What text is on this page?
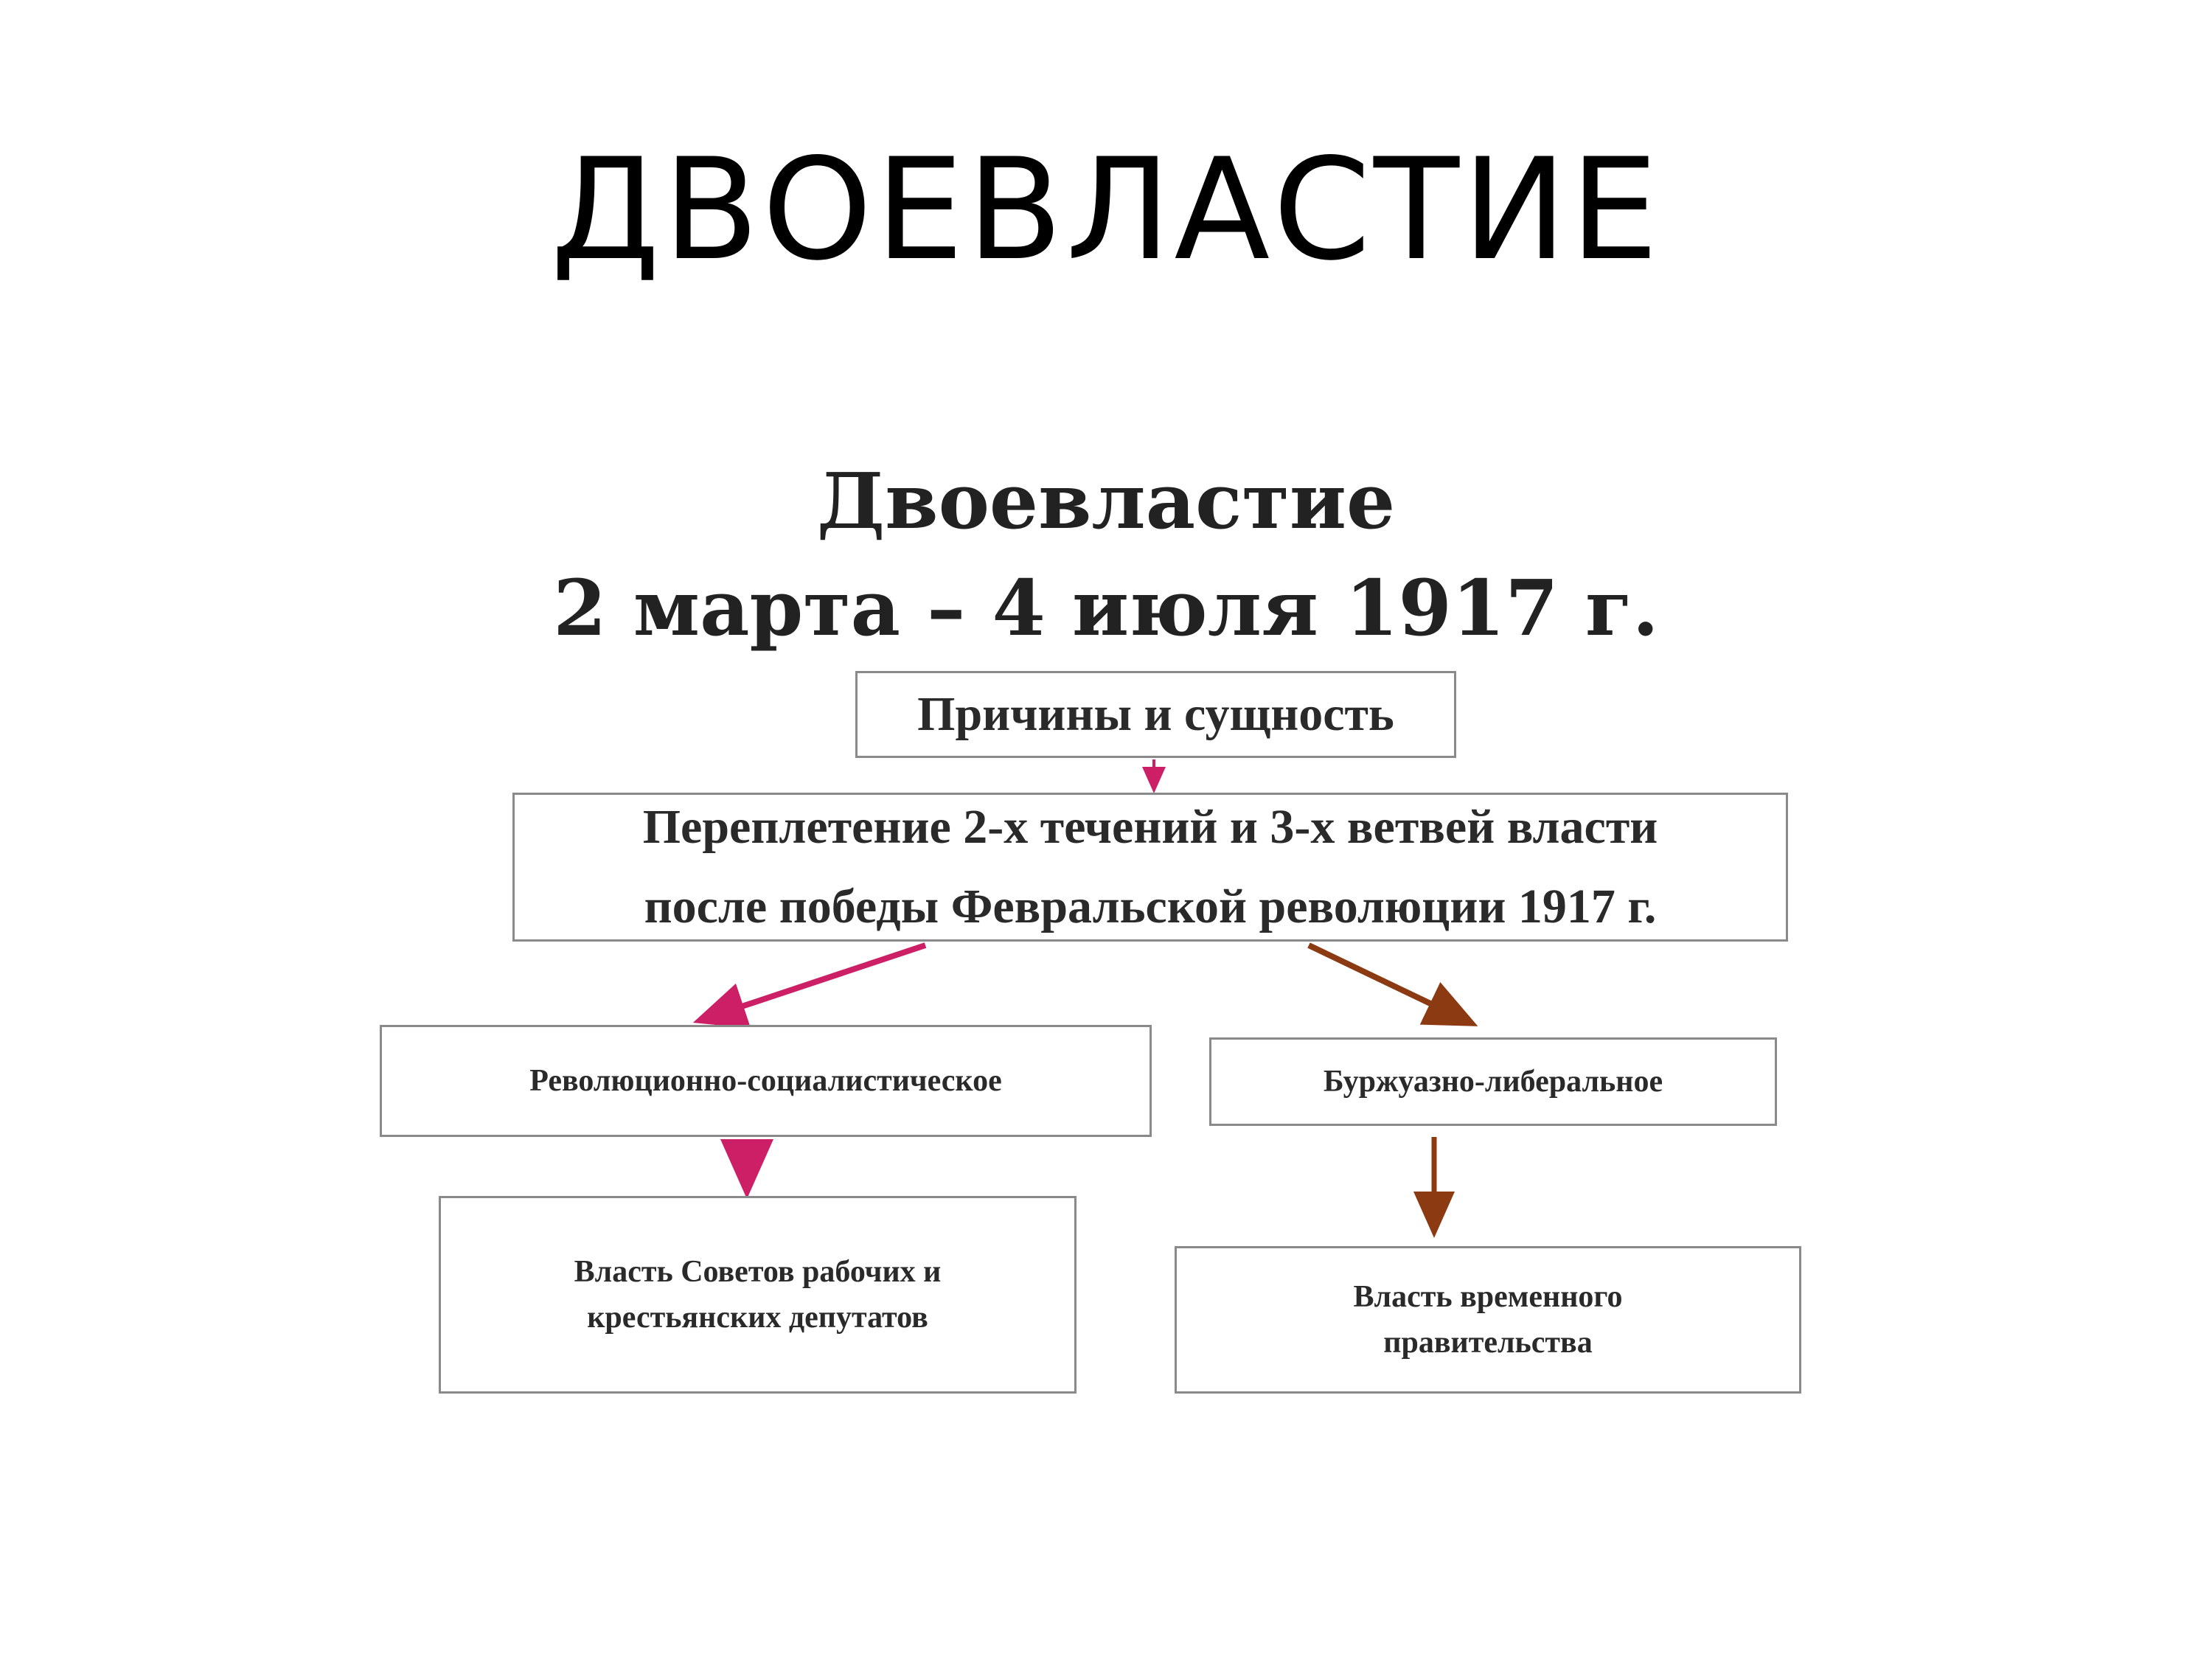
ДВОЕВЛАСТИЕ
Двоевластие
2 марта – 4 июля 1917 г.
Причины и сущность
Переплетение 2-х течений и 3-х ветвей власти
после победы Февральской революции 1917 г.
Революционно-социалистическое	Буржуазно-либеральное
Власть Советов рабочих и
крестьянских депутатов
Власть временного
правительства
